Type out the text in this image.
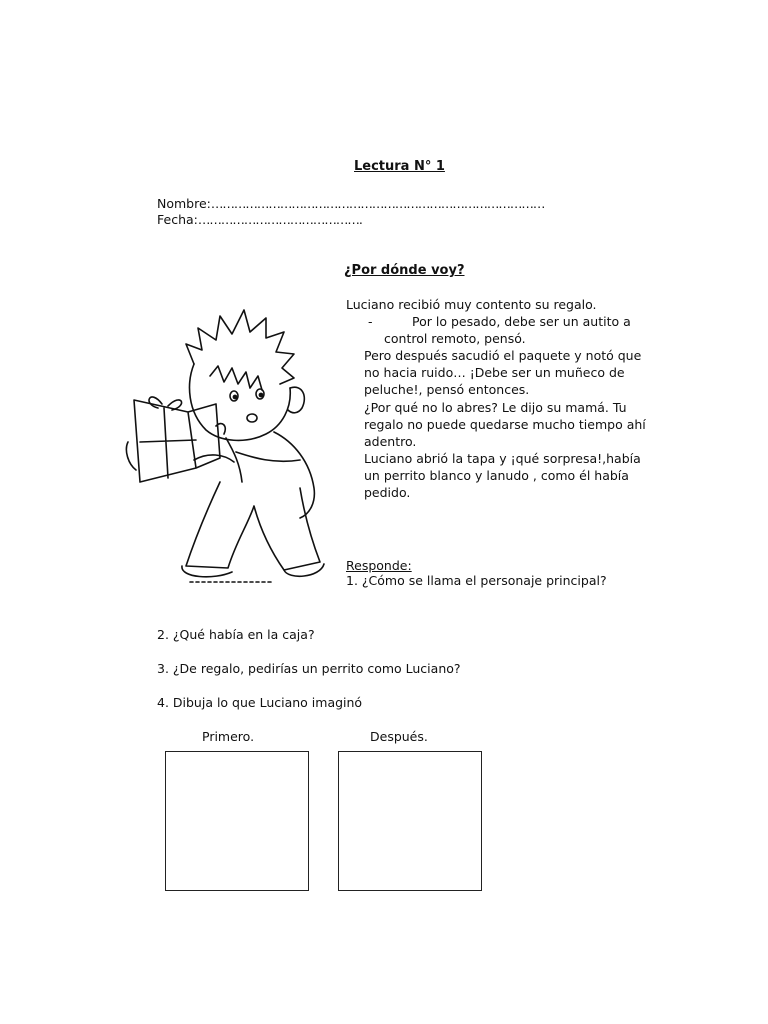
Lectura N° 1
Nombre:……………………………………………………………………………
Fecha:…………………………………….
¿Por dónde voy?
Luciano recibió muy contento su regalo.
-	Por lo pesado, debe ser un autito a
control remoto, pensó.
Pero después sacudió el paquete y notó que
no hacia ruido… ¡Debe ser un muñeco de
peluche!, pensó entonces.
¿Por qué no lo abres? Le dijo su mamá. Tu
regalo no puede quedarse mucho tiempo ahí
adentro.
Luciano abrió la tapa y ¡qué sorpresa!,había
un perrito blanco y lanudo , como él había
pedido.
Responde:
1. ¿Cómo se llama el personaje principal?
2. ¿Qué había en la caja?
3. ¿De regalo, pedirías un perrito como Luciano?
4. Dibuja lo que Luciano imaginó
Primero.	Después.
